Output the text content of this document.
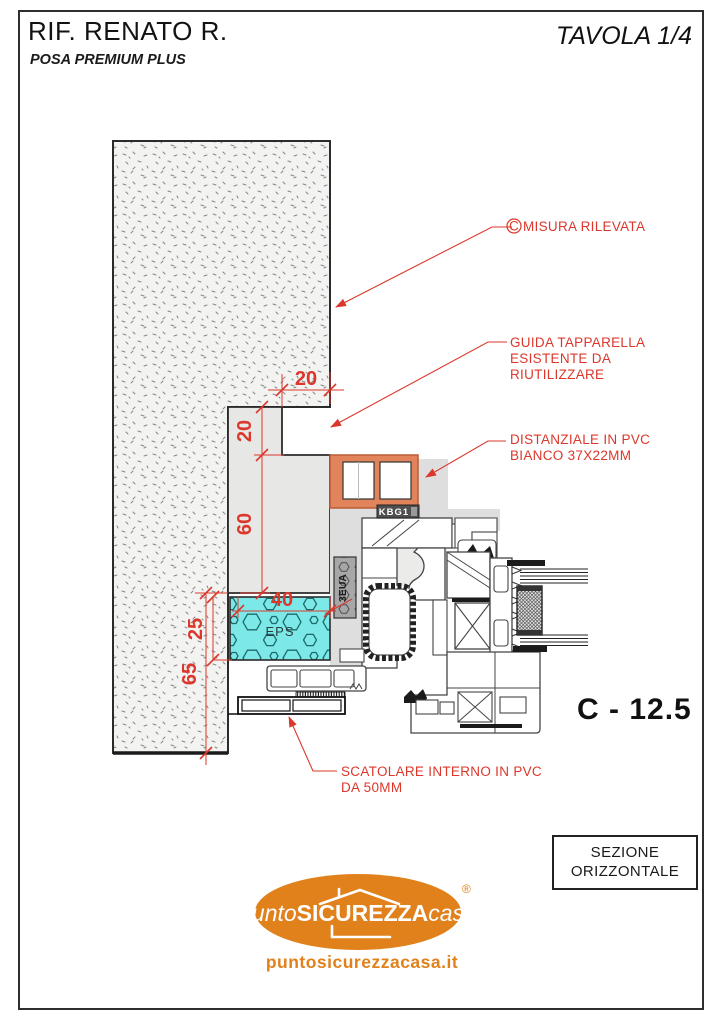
RIF. RENATO R.
POSA PREMIUM PLUS
TAVOLA 1/4
EPS
KBG1
3EUA
20
20
60
40
25
65
C MISURA RILEVATA
GUIDA TAPPARELLA
ESISTENTE DA
RIUTILIZZARE
DISTANZIALE IN PVC
BIANCO 37X22MM
SCATOLARE INTERNO IN PVC
DA 50MM
C - 12.5
puntoSICUREZZAcasa
®
puntosicurezzacasa.it
SEZIONE
ORIZZONTALE
